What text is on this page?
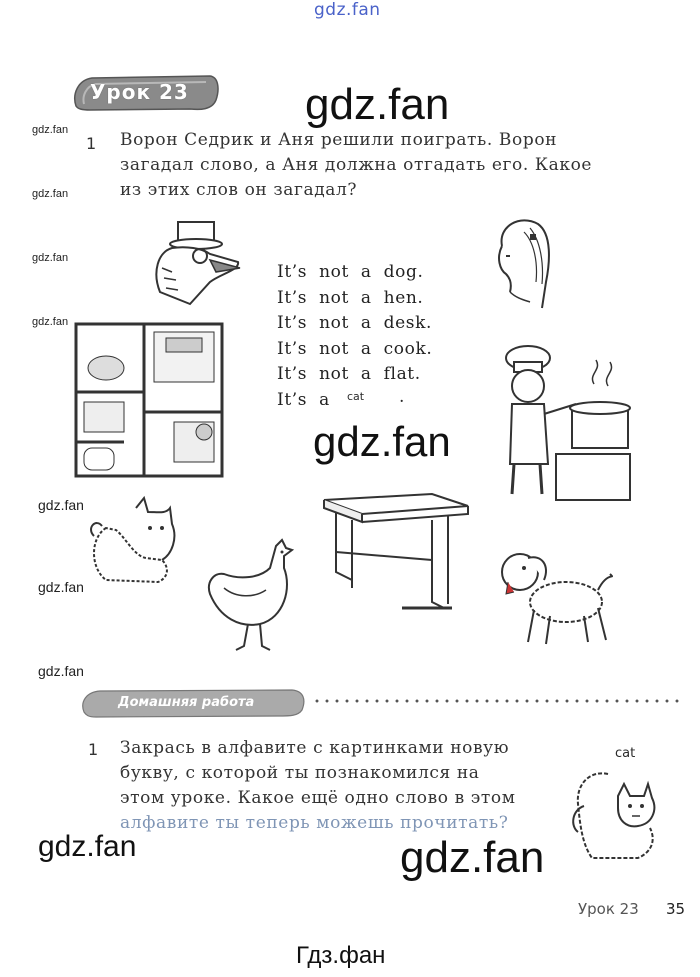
gdz.fan
Урок 23	gdz.fan
gdz.fan
gdz.fan
gdz.fan
gdz.fan
gdz.fan
gdz.fan
gdz.fan
1 Ворон Седрик и Аня решили поиграть. Ворон
загадал слово, а Аня должна отгадать его. Какое
из этих слов он загадал?
It’s  not  a  dog.
It’s  not  a  hen.
It’s  not  a  desk.
It’s  not  a  cook.
It’s  not  a  flat.
It’s  a	cat .
gdz.fan
Домашняя работа
1 Закрась в алфавите с картинками новую
букву, с которой ты познакомился на
этом уроке. Какое ещё одно слово в этом
алфавите ты теперь можешь прочитать?
cat
gdz.fan	gdz.fan
Урок 23 35
Гдз.фан
